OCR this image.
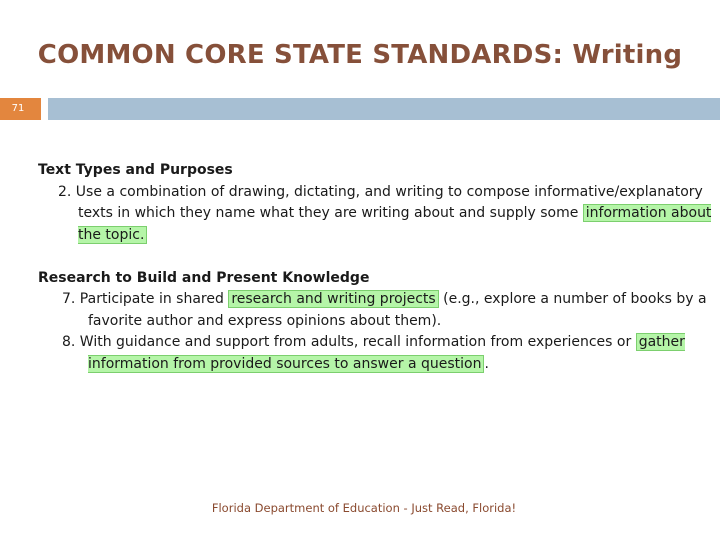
COMMON CORE STATE STANDARDS: Writing
71
Text Types and Purposes
2. Use a combination of drawing, dictating, and writing to compose informative/explanatory texts in which they name what they are writing about and supply some information about the topic.
Research to Build and Present Knowledge
7. Participate in shared research and writing projects (e.g., explore a number of books by a favorite author and express opinions about them).
8. With guidance and support from adults, recall information from experiences or gather information from provided sources to answer a question .
Florida Department of Education - Just Read, Florida!
